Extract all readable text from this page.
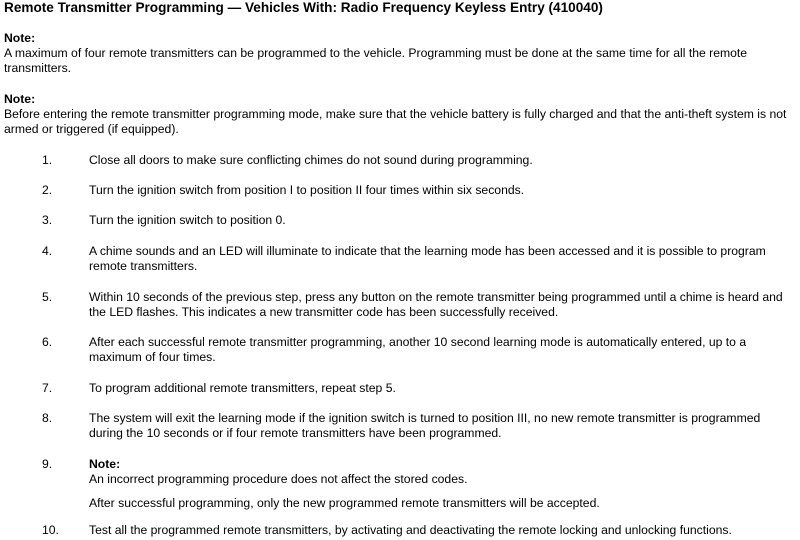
Remote Transmitter Programming — Vehicles With: Radio Frequency Keyless Entry (410040)
Note:
A maximum of four remote transmitters can be programmed to the vehicle. Programming must be done at the same time for all the remote transmitters.
Note:
Before entering the remote transmitter programming mode, make sure that the vehicle battery is fully charged and that the anti-theft system is not armed or triggered (if equipped).
1.	Close all doors to make sure conflicting chimes do not sound during programming.
2.	Turn the ignition switch from position I to position II four times within six seconds.
3.	Turn the ignition switch to position 0.
4.	A chime sounds and an LED will illuminate to indicate that the learning mode has been accessed and it is possible to program remote transmitters.
5.	Within 10 seconds of the previous step, press any button on the remote transmitter being programmed until a chime is heard and the LED flashes. This indicates a new transmitter code has been successfully received.
6.	After each successful remote transmitter programming, another 10 second learning mode is automatically entered, up to a maximum of four times.
7.	To program additional remote transmitters, repeat step 5.
8.	The system will exit the learning mode if the ignition switch is turned to position III, no new remote transmitter is programmed during the 10 seconds or if four remote transmitters have been programmed.
9.	Note:
An incorrect programming procedure does not affect the stored codes.
After successful programming, only the new programmed remote transmitters will be accepted.
10.	Test all the programmed remote transmitters, by activating and deactivating the remote locking and unlocking functions.
